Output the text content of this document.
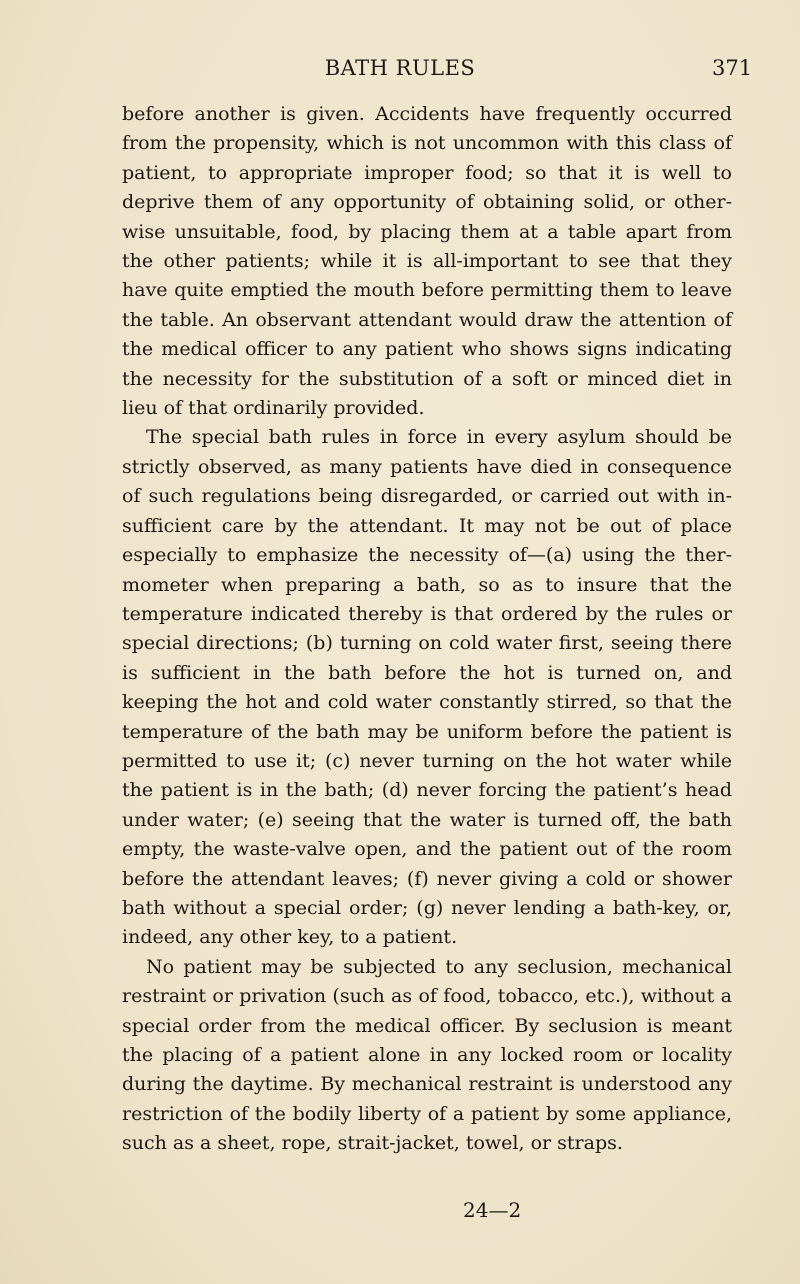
BATH RULES	371

before another is given. Accidents have frequently occurred from the propensity, which is not uncommon with this class of patient, to appropriate improper food; so that it is well to deprive them of any opportunity of obtaining solid, or other- wise unsuitable, food, by placing them at a table apart from the other patients; while it is all-important to see that they have quite emptied the mouth before permitting them to leave the table. An observant attendant would draw the attention of the medical officer to any patient who shows signs indicating the necessity for the substitution of a soft or minced diet in lieu of that ordinarily provided.

The special bath rules in force in every asylum should be strictly observed, as many patients have died in consequence of such regulations being disregarded, or carried out with in- sufficient care by the attendant. It may not be out of place especially to emphasize the necessity of—(a) using the ther- mometer when preparing a bath, so as to insure that the temperature indicated thereby is that ordered by the rules or special directions; (b) turning on cold water first, seeing there is sufficient in the bath before the hot is turned on, and keeping the hot and cold water constantly stirred, so that the temperature of the bath may be uniform before the patient is permitted to use it; (c) never turning on the hot water while the patient is in the bath; (d) never forcing the patient’s head under water; (e) seeing that the water is turned off, the bath empty, the waste-valve open, and the patient out of the room before the attendant leaves; (f) never giving a cold or shower bath without a special order; (g) never lending a bath-key, or, indeed, any other key, to a patient.

No patient may be subjected to any seclusion, mechanical restraint or privation (such as of food, tobacco, etc.), without a special order from the medical officer. By seclusion is meant the placing of a patient alone in any locked room or locality during the daytime. By mechanical restraint is understood any restriction of the bodily liberty of a patient by some appliance, such as a sheet, rope, strait-jacket, towel, or straps.

24—2
